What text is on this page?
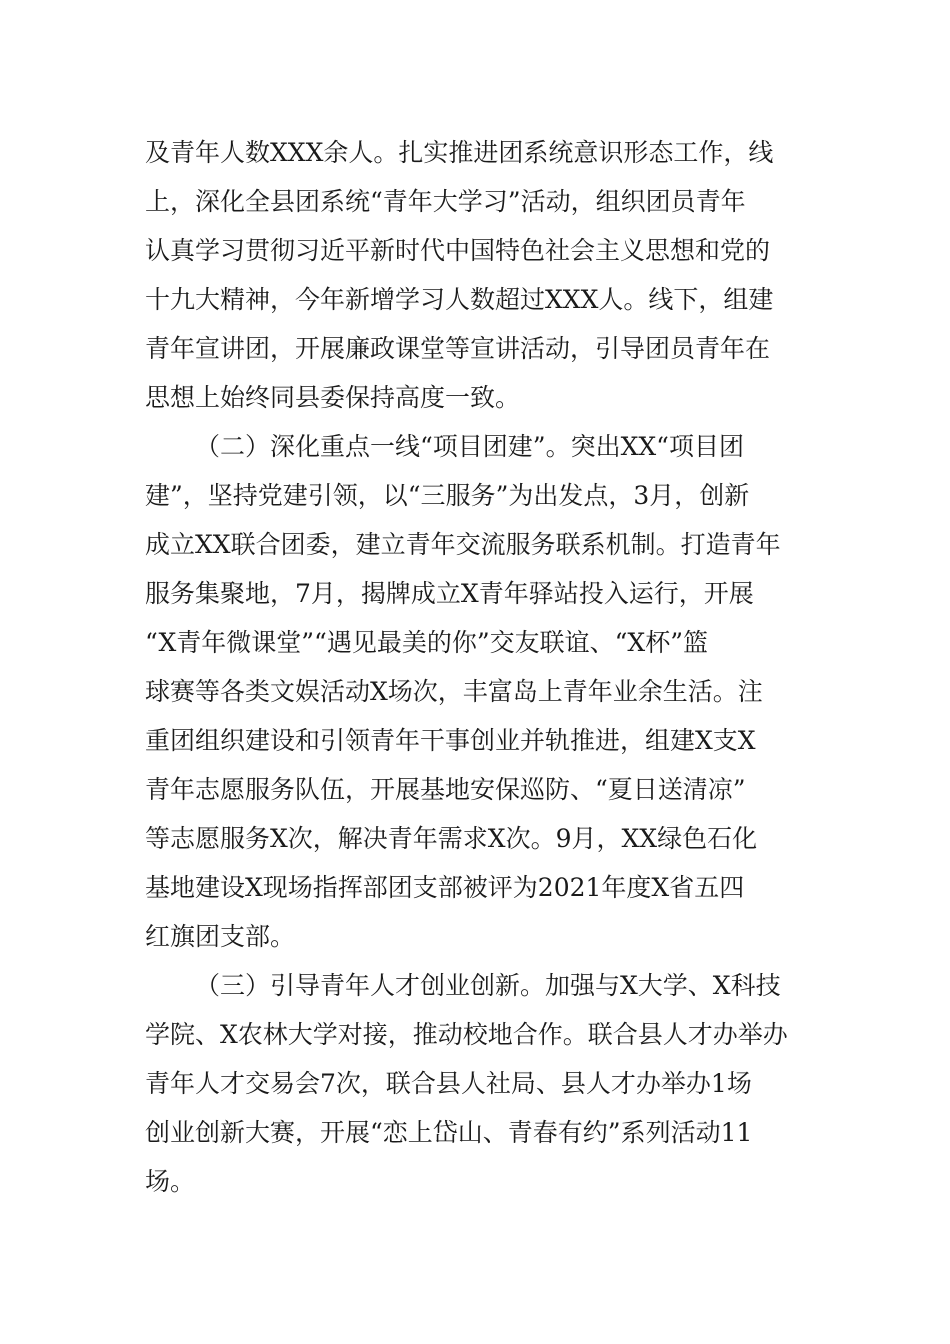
及青年人数XXX余人。扎实推进团系统意识形态工作，线
上，深化全县团系统“青年大学习”活动，组织团员青年
认真学习贯彻习近平新时代中国特色社会主义思想和党的
十九大精神，今年新增学习人数超过XXX人。线下，组建
青年宣讲团，开展廉政课堂等宣讲活动，引导团员青年在
思想上始终同县委保持高度一致。
（二）深化重点一线“项目团建”。突出XX“项目团
建”，坚持党建引领，以“三服务”为出发点，3月，创新
成立XX联合团委，建立青年交流服务联系机制。打造青年
服务集聚地，7月，揭牌成立X青年驿站投入运行，开展
“X青年微课堂”“遇见最美的你”交友联谊、“X杯”篮
球赛等各类文娱活动X场次，丰富岛上青年业余生活。注
重团组织建设和引领青年干事创业并轨推进，组建X支X
青年志愿服务队伍，开展基地安保巡防、“夏日送清凉”
等志愿服务X次，解决青年需求X次。9月，XX绿色石化
基地建设X现场指挥部团支部被评为2021年度X省五四
红旗团支部。
（三）引导青年人才创业创新。加强与X大学、X科技
学院、X农林大学对接，推动校地合作。联合县人才办举办
青年人才交易会7次，联合县人社局、县人才办举办1场
创业创新大赛，开展“恋上岱山、青春有约”系列活动11
场。
